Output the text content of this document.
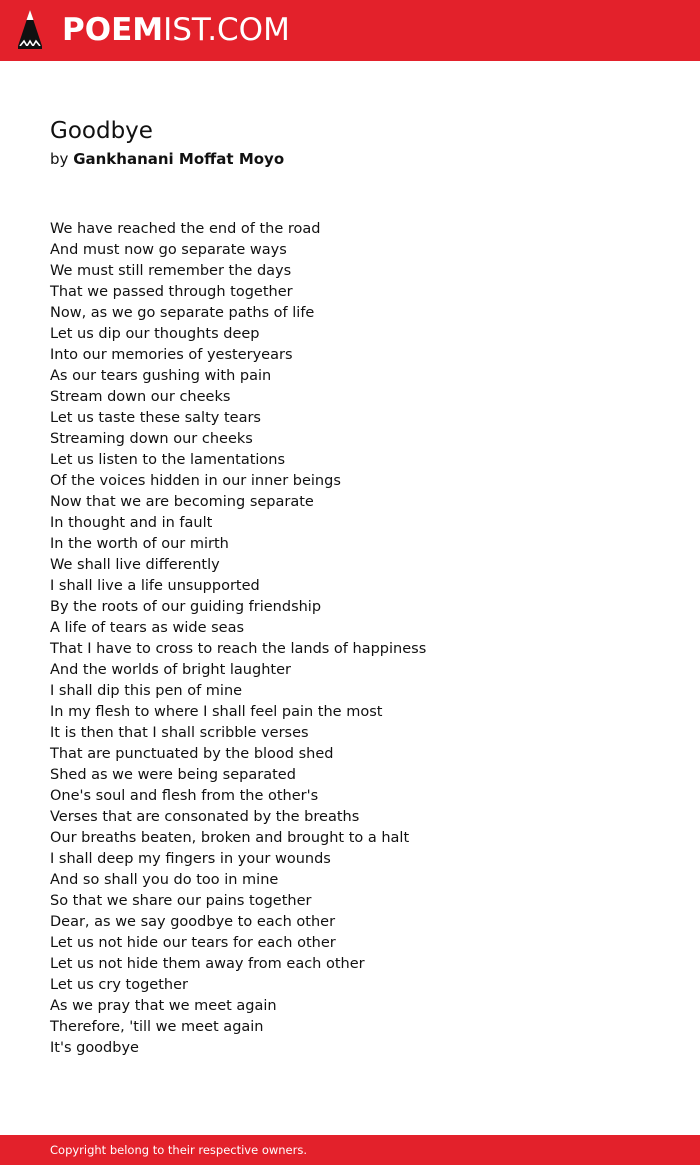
POEMIST.COM
Goodbye
by Gankhanani Moffat Moyo
We have reached the end of the road
And must now go separate ways
We must still remember the days
That we passed through together
Now, as we go separate paths of life
Let us dip our thoughts deep
Into our memories of yesteryears
As our tears gushing with pain
Stream down our cheeks
Let us taste these salty tears
Streaming down our cheeks
Let us listen to the lamentations
Of the voices hidden in our inner beings
Now that we are becoming separate
In thought and in fault
In the worth of our mirth
We shall live differently
I shall live a life unsupported
By the roots of our guiding friendship
A life of tears as wide seas
That I have to cross to reach the lands of happiness
And the worlds of bright laughter
I shall dip this pen of mine
In my flesh to where I shall feel pain the most
It is then that I shall scribble verses
That are punctuated by the blood shed
Shed as we were being separated
One's soul and flesh from the other's
Verses that are consonated by the breaths
Our breaths beaten, broken and brought to a halt
I shall deep my fingers in your wounds
And so shall you do too in mine
So that we share our pains together
Dear, as we say goodbye to each other
Let us not hide our tears for each other
Let us not hide them away from each other
Let us cry together
As we pray that we meet again
Therefore, 'till we meet again
It's goodbye
Copyright belong to their respective owners.
